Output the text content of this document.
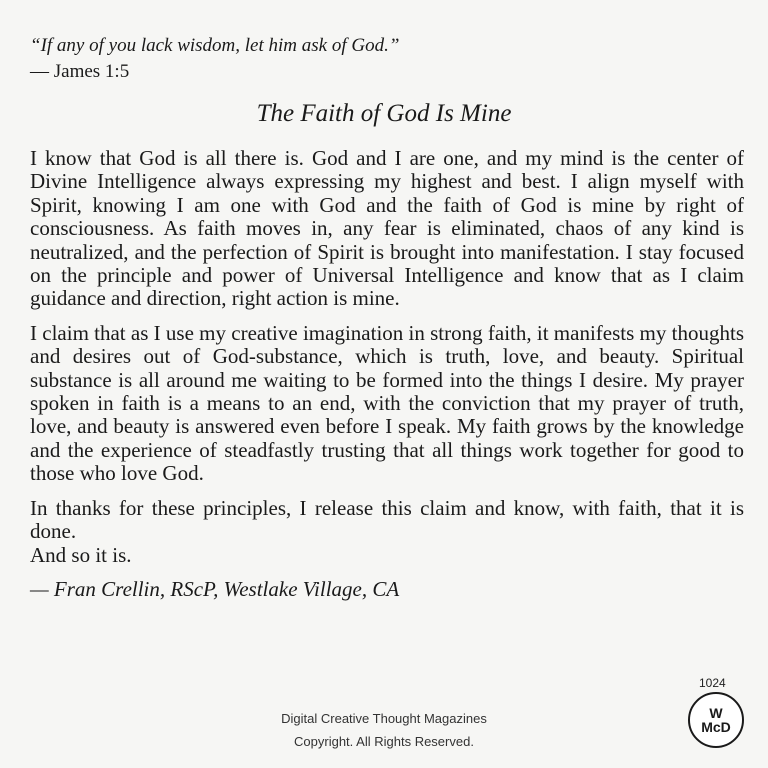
“If any of you lack wisdom, let him ask of God.”
— James 1:5
The Faith of God Is Mine

I know that God is all there is. God and I are one, and my mind is the center of Divine Intelligence always expressing my highest and best. I align myself with Spirit, knowing I am one with God and the faith of God is mine by right of consciousness. As faith moves in, any fear is eliminated, chaos of any kind is neutralized, and the perfection of Spirit is brought into manifestation. I stay focused on the principle and power of Universal Intelligence and know that as I claim guidance and direction, right action is mine.

I claim that as I use my creative imagination in strong faith, it manifests my thoughts and desires out of God-substance, which is truth, love, and beauty. Spiritual substance is all around me waiting to be formed into the things I desire. My prayer spoken in faith is a means to an end, with the conviction that my prayer of truth, love, and beauty is answered even before I speak. My faith grows by the knowledge and the experience of steadfastly trusting that all things work together for good to those who love God.

In thanks for these principles, I release this claim and know, with faith, that it is done.

And so it is.

— Fran Crellin, RScP, Westlake Village, CA

1024
W
McD
Digital Creative Thought Magazines
Copyright. All Rights Reserved.
